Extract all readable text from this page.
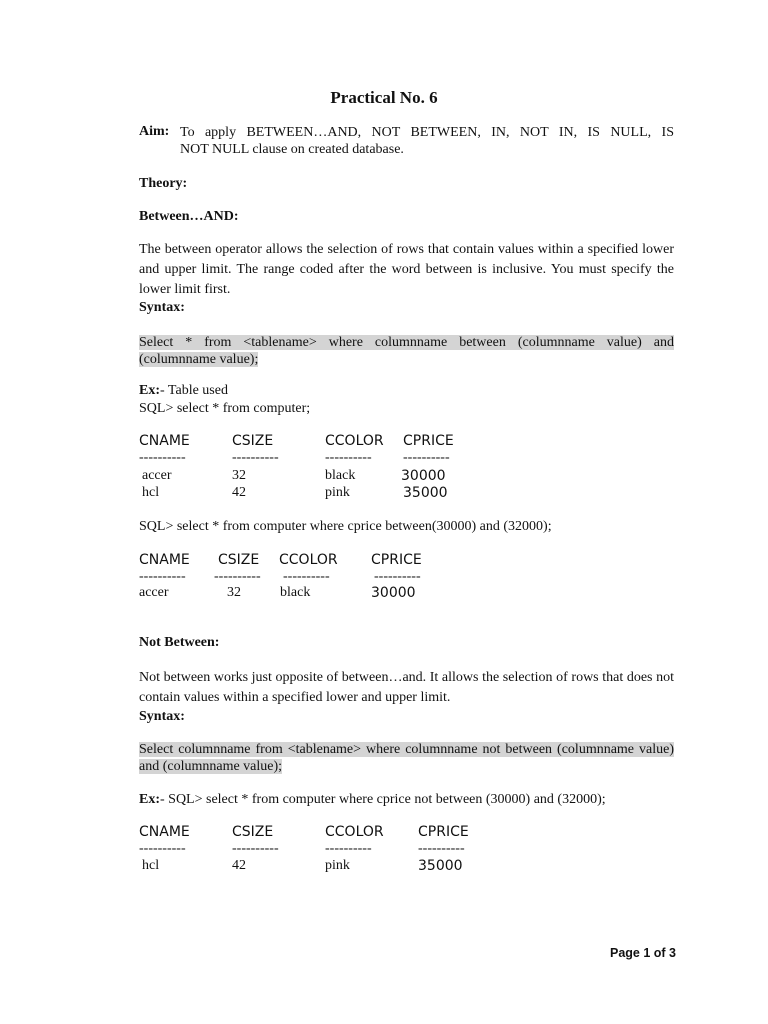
Practical No. 6
Aim: To apply BETWEEN…AND, NOT BETWEEN, IN, NOT IN, IS NULL, IS
NOT NULL clause on created database.
Theory:
Between…AND:
The between operator allows the selection of rows that contain values within a specified lower and upper limit. The range coded after the word between is inclusive. You must specify the lower limit first.
Syntax:
Select * from <tablename> where columnname between (columnname value) and (columnname value);
Ex:- Table used
SQL> select * from computer;
CNAME	CSIZE	CCOLOR CPRICE
----------	----------	---------- ----------
accer	32	black	30000
hcl	42	pink	35000
SQL> select * from computer where cprice between(30000) and (32000);
CNAME CSIZE CCOLOR CPRICE
---------- ---------- ----------	----------
accer	32	black	30000
Not Between:
Not between works just opposite of between…and. It allows the selection of rows that does not contain values within a specified lower and upper limit.
Syntax:
Select columnname from <tablename> where columnname not between (columnname value) and (columnname value);
Ex:- SQL> select * from computer where cprice not between (30000) and (32000);
CNAME	CSIZE	CCOLOR CPRICE
----------	----------	----------	----------
hcl	42	pink	35000
Page 1 of 3
